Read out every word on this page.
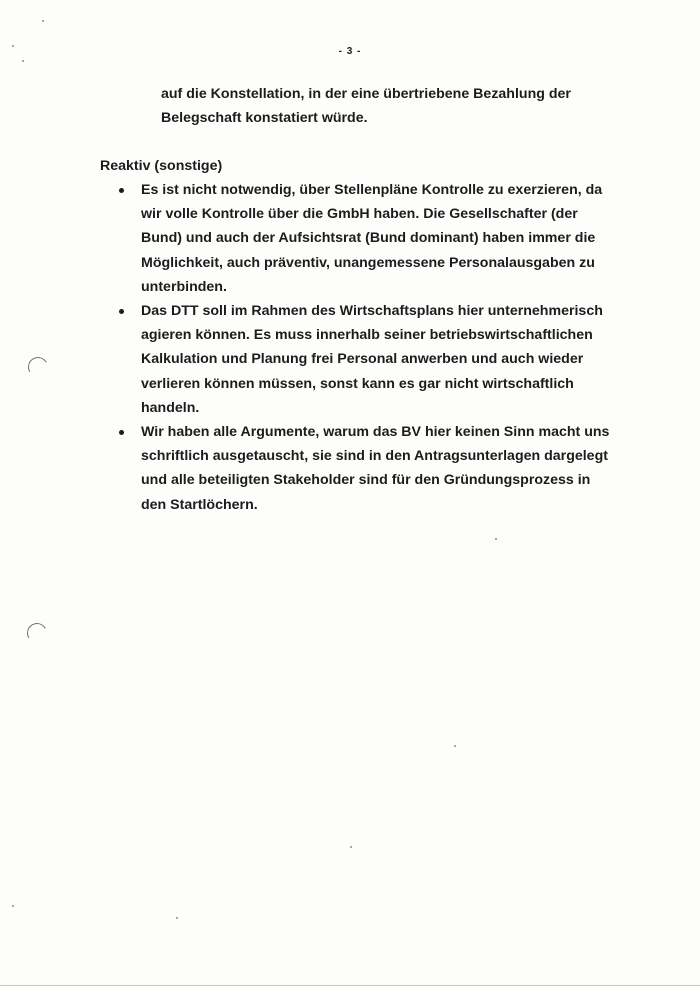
- 3 -
auf die Konstellation, in der eine übertriebene Bezahlung der
Belegschaft konstatiert würde.
Reaktiv (sonstige)
Es ist nicht notwendig, über Stellenpläne Kontrolle zu exerzieren, da
wir volle Kontrolle über die GmbH haben. Die Gesellschafter (der
Bund) und auch der Aufsichtsrat (Bund dominant) haben immer die
Möglichkeit, auch präventiv, unangemessene Personalausgaben zu
unterbinden.
Das DTT soll im Rahmen des Wirtschaftsplans hier unternehmerisch
agieren können. Es muss innerhalb seiner betriebswirtschaftlichen
Kalkulation und Planung frei Personal anwerben und auch wieder
verlieren können müssen, sonst kann es gar nicht wirtschaftlich
handeln.
Wir haben alle Argumente, warum das BV hier keinen Sinn macht uns
schriftlich ausgetauscht, sie sind in den Antragsunterlagen dargelegt
und alle beteiligten Stakeholder sind für den Gründungsprozess in
den Startlöchern.
